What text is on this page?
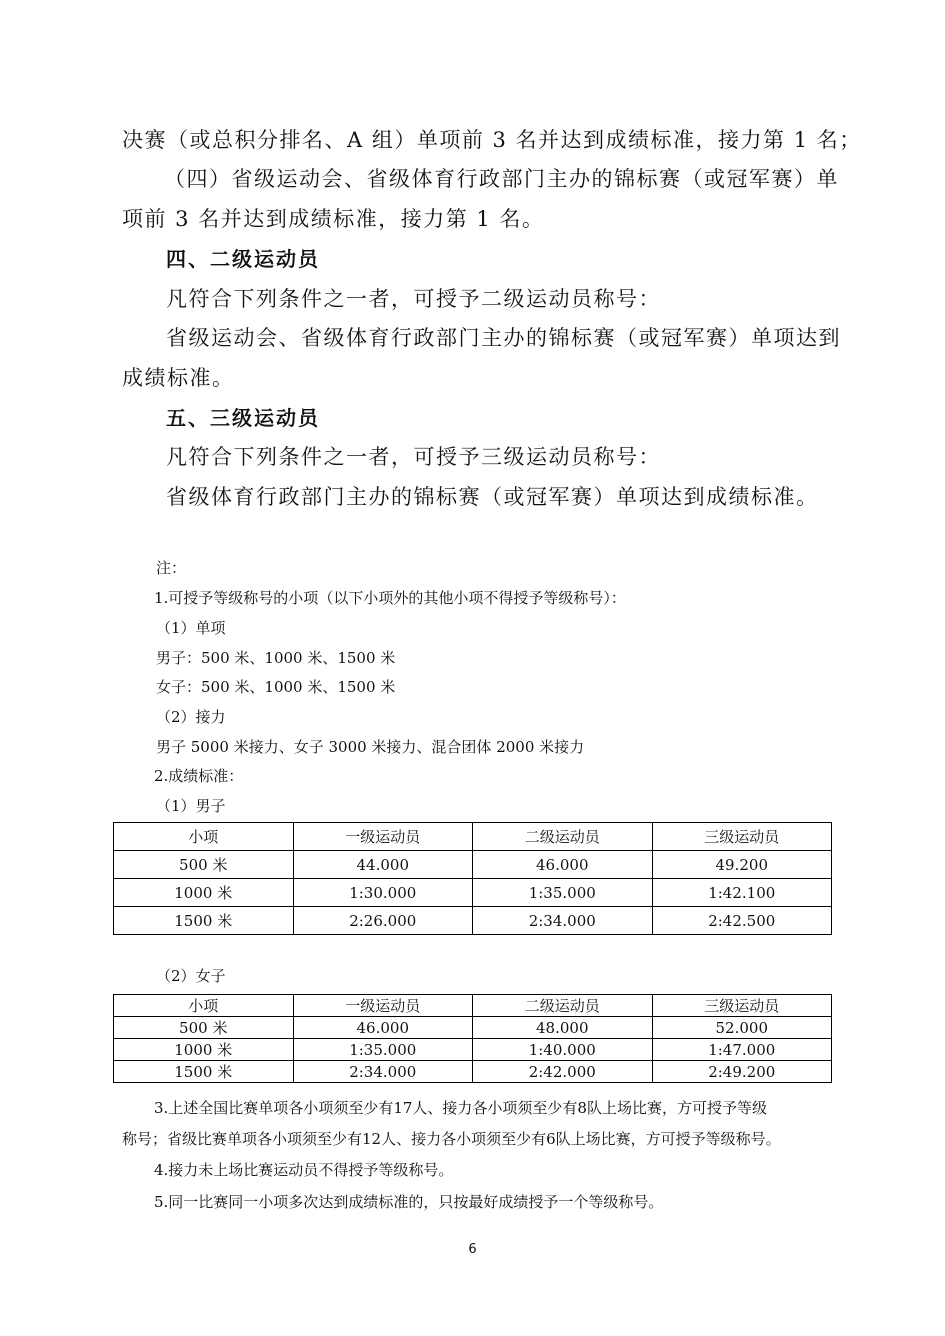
决赛（或总积分排名、A 组）单项前 3 名并达到成绩标准，接力第 1 名；

（四）省级运动会、省级体育行政部门主办的锦标赛（或冠军赛）单

项前 3 名并达到成绩标准，接力第 1 名。

四、二级运动员

凡符合下列条件之一者，可授予二级运动员称号：

省级运动会、省级体育行政部门主办的锦标赛（或冠军赛）单项达到

成绩标准。

五、三级运动员

凡符合下列条件之一者，可授予三级运动员称号：

省级体育行政部门主办的锦标赛（或冠军赛）单项达到成绩标准。

注：

1.可授予等级称号的小项（以下小项外的其他小项不得授予等级称号）：

（1）单项

男子：500 米、1000 米、1500 米

女子：500 米、1000 米、1500 米

（2）接力

男子 5000 米接力、女子 3000 米接力、混合团体 2000 米接力

2.成绩标准：

（1）男子

小项	一级运动员	二级运动员	三级运动员
500 米	44.000	46.000	49.200
1000 米	1:30.000	1:35.000	1:42.100
1500 米	2:26.000	2:34.000	2:42.500

（2）女子

小项	一级运动员	二级运动员	三级运动员
500 米	46.000	48.000	52.000
1000 米	1:35.000	1:40.000	1:47.000
1500 米	2:34.000	2:42.000	2:49.200

3.上述全国比赛单项各小项须至少有17人、接力各小项须至少有8队上场比赛，方可授予等级

称号；省级比赛单项各小项须至少有12人、接力各小项须至少有6队上场比赛，方可授予等级称号。

4.接力未上场比赛运动员不得授予等级称号。

5.同一比赛同一小项多次达到成绩标准的，只按最好成绩授予一个等级称号。

6
